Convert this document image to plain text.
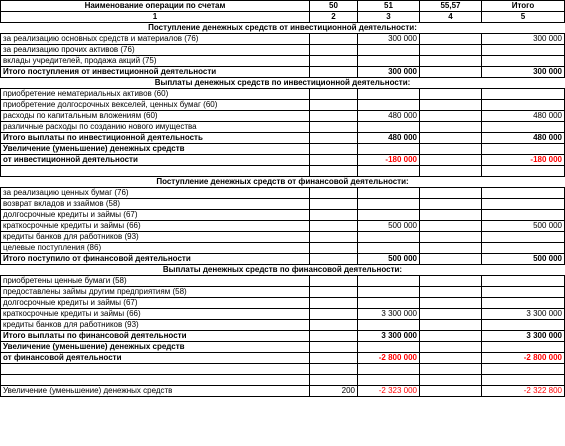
Наименование операции по счетам	50	51	55,57	Итого
1	2	3	4	5
Поступление денежных средств от инвестиционной деятельности:				
за реализацию основных средств и материалов (76)		300 000		300 000
за реализацию прочих активов (76)				
вклады учредителей, продажа акций (75)				
Итого поступления от инвестиционной деятельности		300 000		300 000
Выплаты денежных средств по инвестиционной деятельности:				
приобретение нематериальных активов (60)				
приобретение долгосрочных векселей, ценных бумаг (60)				
расходы по капитальным вложениям (60)		480 000		480 000
различные расходы по созданию нового имущества				
Итого выплаты по инвестиционной деятельность		480 000		480 000
Увеличение (уменьшение) денежных средств				
от инвестиционной деятельности		-180 000		-180 000

Поступление денежных средств от финансовой деятельности:				
за реализацию ценных бумаг (76)				
возврат вкладов и ззаймов (58)				
долгосрочные кредиты и займы (67)				
краткосрочные кредиты и займы (66)		500 000		500 000
кредиты банков для работников (93)				
целевые поступления (86)				
Итого поступило от финансовой деятельности		500 000		500 000
Выплаты денежных средств по финансовой деятельности:				
приобретены ценные бумаги (58)				
предоставлены займы другим предприятиям (58)				
долгосрочные кредиты и займы (67)				
краткосрочные кредиты и займы (66)		3 300 000		3 300 000
кредиты банков для работников (93)				
Итого выплаты по финансовой деятельности		3 300 000		3 300 000
Увеличение (уменьшение) денежных средств				
от финансовой деятельности		-2 800 000		-2 800 000

Увеличение (уменьшение) денежных средств	200	-2 323 000		-2 322 800
